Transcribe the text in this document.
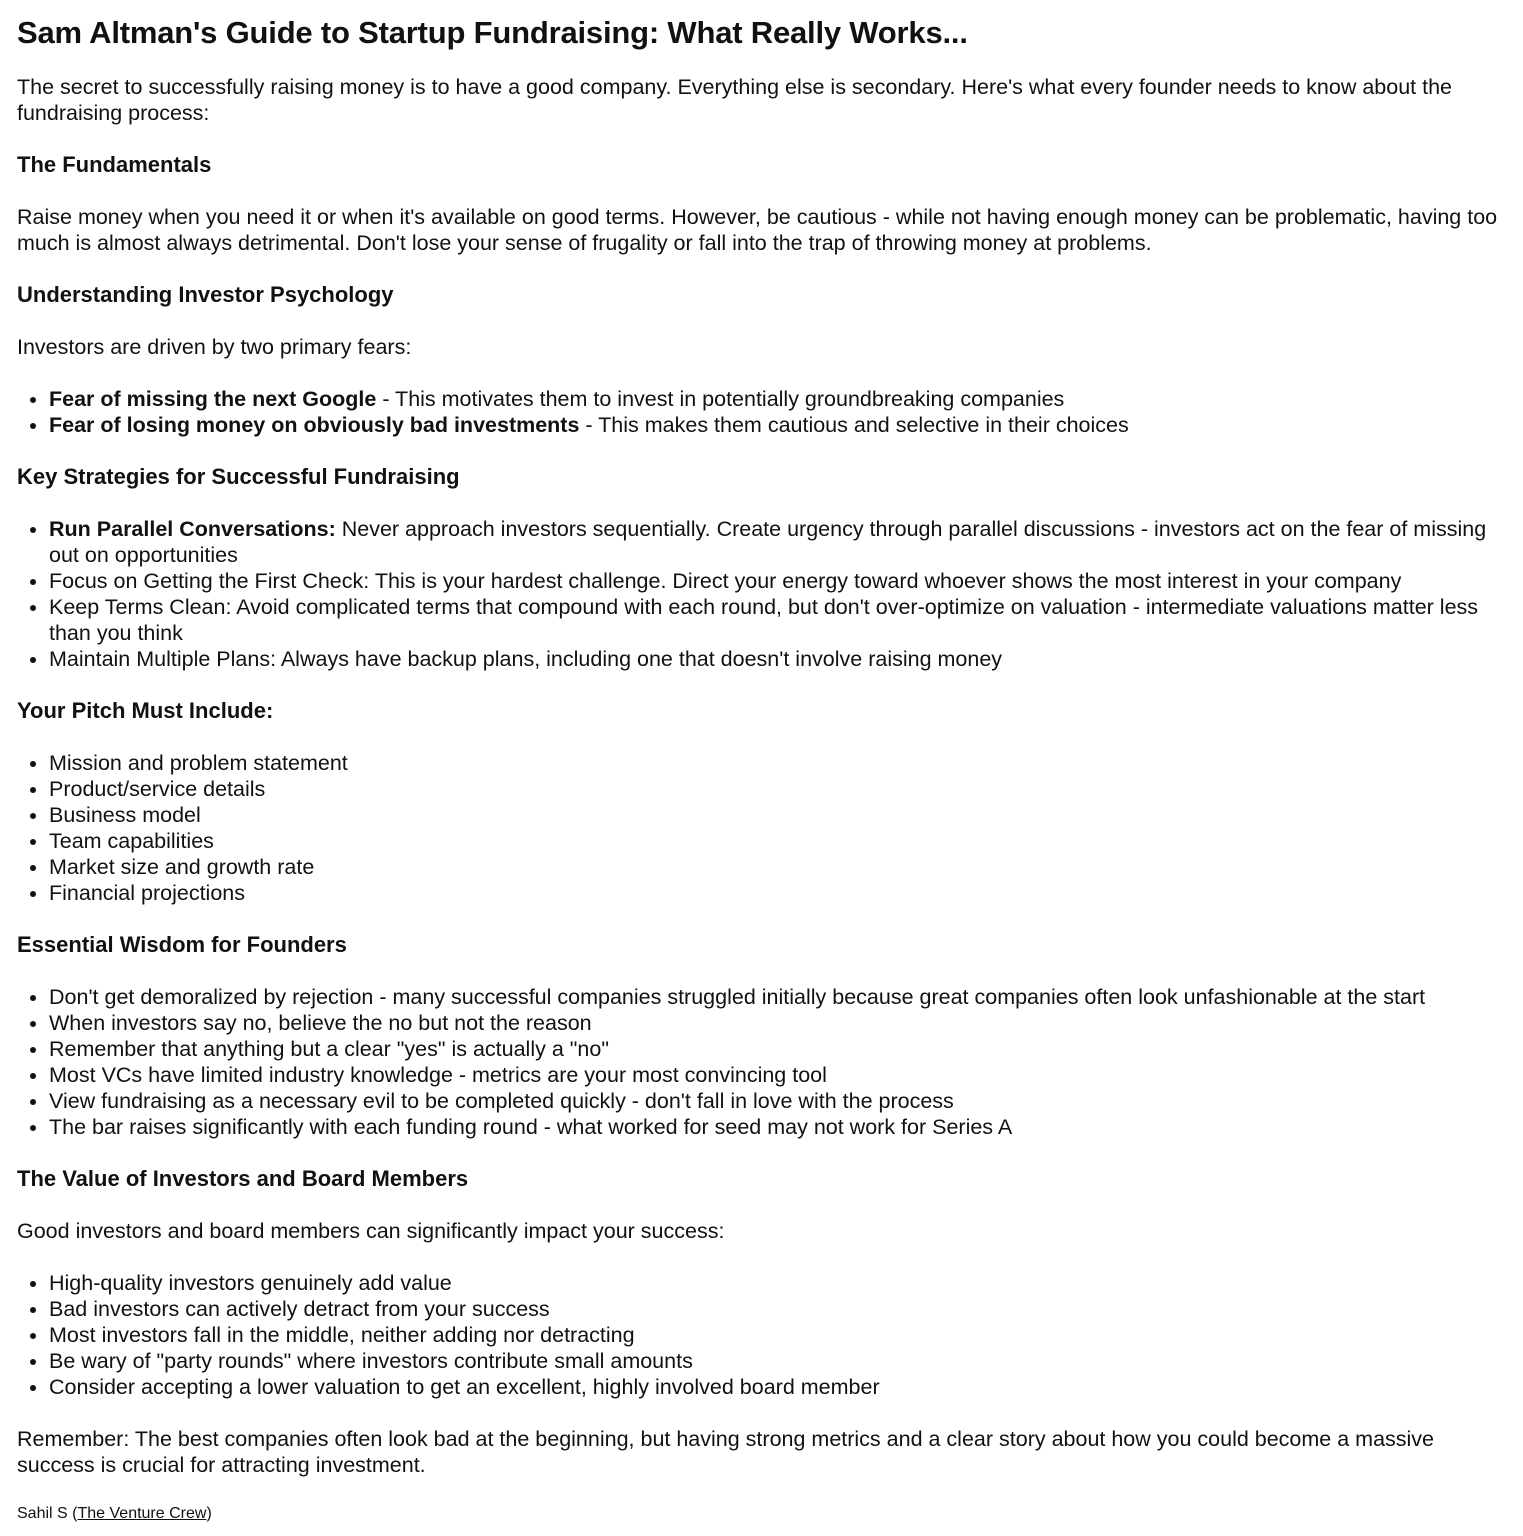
Sam Altman's Guide to Startup Fundraising: What Really Works...

The secret to successfully raising money is to have a good company. Everything else is secondary. Here's what every founder needs to know about the fundraising process:

The Fundamentals

Raise money when you need it or when it's available on good terms. However, be cautious - while not having enough money can be problematic, having too much is almost always detrimental. Don't lose your sense of frugality or fall into the trap of throwing money at problems.

Understanding Investor Psychology

Investors are driven by two primary fears:

• Fear of missing the next Google - This motivates them to invest in potentially groundbreaking companies
• Fear of losing money on obviously bad investments - This makes them cautious and selective in their choices
Key Strategies for Successful Fundraising
• Run Parallel Conversations: Never approach investors sequentially. Create urgency through parallel discussions - investors act on the fear of missing out on opportunities
• Focus on Getting the First Check: This is your hardest challenge. Direct your energy toward whoever shows the most interest in your company
• Keep Terms Clean: Avoid complicated terms that compound with each round, but don't over-optimize on valuation - intermediate valuations matter less than you think
• Maintain Multiple Plans: Always have backup plans, including one that doesn't involve raising money
Your Pitch Must Include:
• Mission and problem statement
• Product/service details
• Business model
• Team capabilities
• Market size and growth rate
• Financial projections
Essential Wisdom for Founders
• Don't get demoralized by rejection - many successful companies struggled initially because great companies often look unfashionable at the start
• When investors say no, believe the no but not the reason
• Remember that anything but a clear "yes" is actually a "no"
• Most VCs have limited industry knowledge - metrics are your most convincing tool
• View fundraising as a necessary evil to be completed quickly - don't fall in love with the process
• The bar raises significantly with each funding round - what worked for seed may not work for Series A
The Value of Investors and Board Members

Good investors and board members can significantly impact your success:

• High-quality investors genuinely add value
• Bad investors can actively detract from your success
• Most investors fall in the middle, neither adding nor detracting
• Be wary of "party rounds" where investors contribute small amounts
• Consider accepting a lower valuation to get an excellent, highly involved board member

Remember: The best companies often look bad at the beginning, but having strong metrics and a clear story about how you could become a massive success is crucial for attracting investment.

Sahil S (The Venture Crew)
